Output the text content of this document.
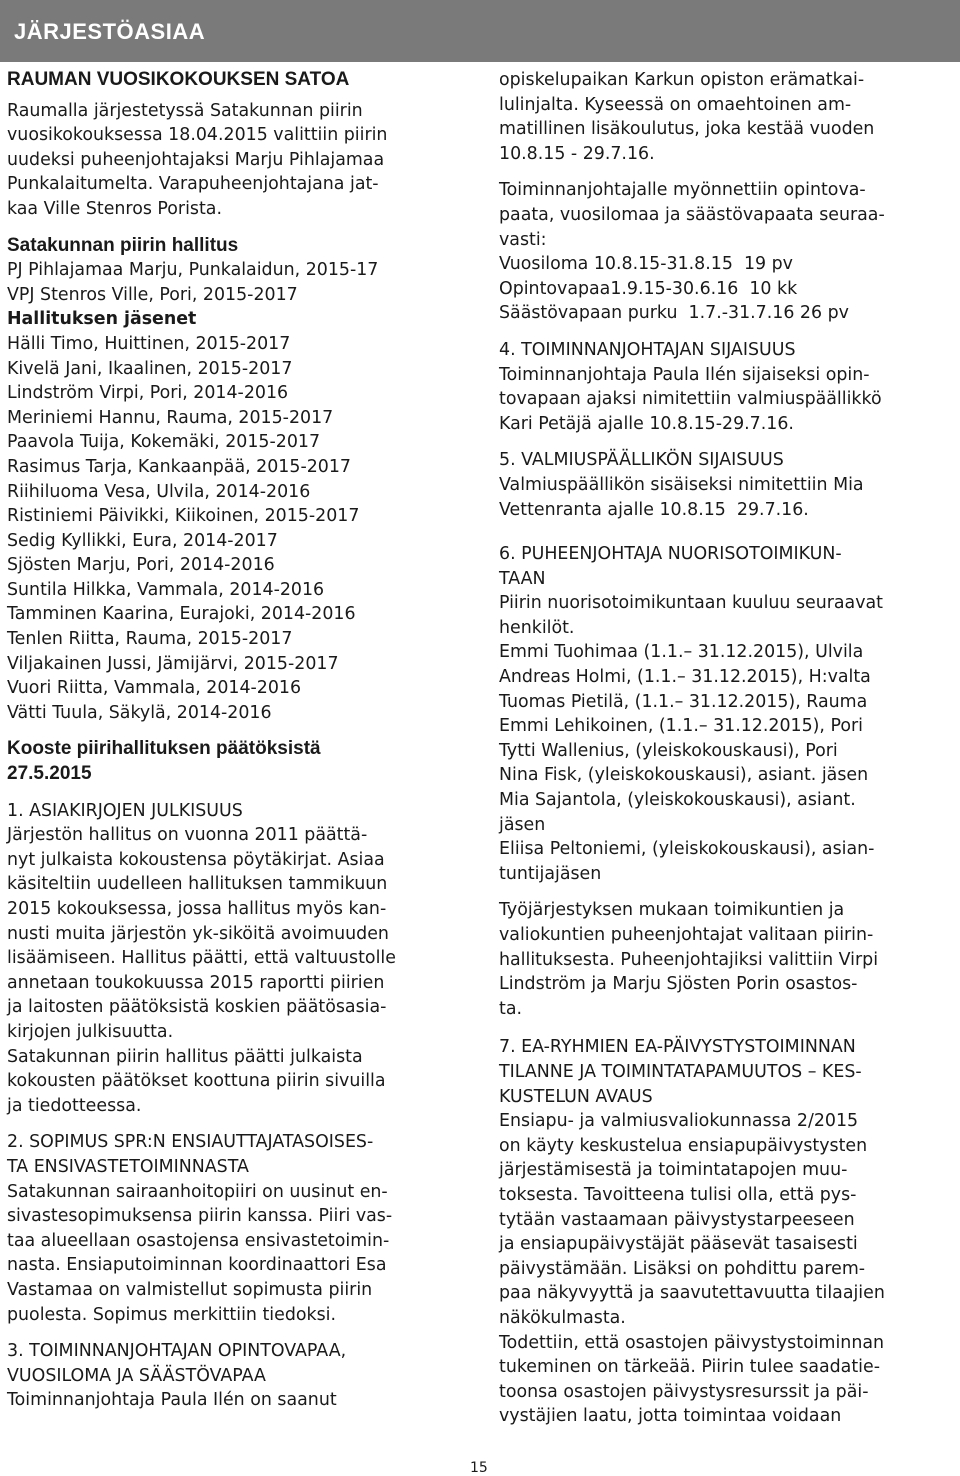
JÄRJESTÖASIAA
RAUMAN VUOSIKOKOUKSEN SATOA
Raumalla järjestetyssä Satakunnan piirin
vuosikokouksessa 18.04.2015 valittiin piirin
uudeksi puheenjohtajaksi Marju Pihlajamaa
Punkalaitumelta. Varapuheenjohtajana jat-
kaa Ville Stenros Porista.
Satakunnan piirin hallitus
PJ Pihlajamaa Marju, Punkalaidun, 2015-17
VPJ Stenros Ville, Pori, 2015-2017
Hallituksen jäsenet
Hälli Timo, Huittinen, 2015-2017
Kivelä Jani, Ikaalinen, 2015-2017
Lindström Virpi, Pori, 2014-2016
Meriniemi Hannu, Rauma, 2015-2017
Paavola Tuija, Kokemäki, 2015-2017
Rasimus Tarja, Kankaanpää, 2015-2017
Riihiluoma Vesa, Ulvila, 2014-2016
Ristiniemi Päivikki, Kiikoinen, 2015-2017
Sedig Kyllikki, Eura, 2014-2017
Sjösten Marju, Pori, 2014-2016
Suntila Hilkka, Vammala, 2014-2016
Tamminen Kaarina, Eurajoki, 2014-2016
Tenlen Riitta, Rauma, 2015-2017
Viljakainen Jussi, Jämijärvi, 2015-2017
Vuori Riitta, Vammala, 2014-2016
Vätti Tuula, Säkylä, 2014-2016
Kooste piirihallituksen päätöksistä
27.5.2015
1. ASIAKIRJOJEN JULKISUUS
Järjestön hallitus on vuonna 2011 päättä-
nyt julkaista kokoustensa pöytäkirjat. Asiaa
käsiteltiin uudelleen hallituksen tammikuun
2015 kokouksessa, jossa hallitus myös kan-
nusti muita järjestön yk-siköitä avoimuuden
lisäämiseen. Hallitus päätti, että valtuustolle
annetaan toukokuussa 2015 raportti piirien
ja laitosten päätöksistä koskien päätösasia-
kirjojen julkisuutta.
Satakunnan piirin hallitus päätti julkaista
kokousten päätökset koottuna piirin sivuilla
ja tiedotteessa.
2. SOPIMUS SPR:N ENSIAUTTAJATASOISES-
TA ENSIVASTETOIMINNASTA
Satakunnan sairaanhoitopiiri on uusinut en-
sivastesopimuksensa piirin kanssa. Piiri vas-
taa alueellaan osastojensa ensivastetoimin-
nasta. Ensiaputoiminnan koordinaattori Esa
Vastamaa on valmistellut sopimusta piirin
puolesta. Sopimus merkittiin tiedoksi.
3. TOIMINNANJOHTAJAN OPINTOVAPAA,
VUOSILOMA JA SÄÄSTÖVAPAA
Toiminnanjohtaja Paula Ilén on saanut
opiskelupaikan Karkun opiston erämatkai-
lulinjalta. Kyseessä on omaehtoinen am-
matillinen lisäkoulutus, joka kestää vuoden
10.8.15 - 29.7.16.
Toiminnanjohtajalle myönnettiin opintova-
paata, vuosilomaa ja säästövapaata seuraa-
vasti:
Vuosiloma 10.8.15-31.8.15  19 pv
Opintovapaa1.9.15-30.6.16  10 kk
Säästövapaan purku  1.7.-31.7.16 26 pv
4. TOIMINNANJOHTAJAN SIJAISUUS
Toiminnanjohtaja Paula Ilén sijaiseksi opin-
tovapaan ajaksi nimitettiin valmiuspäällikkö
Kari Petäjä ajalle 10.8.15-29.7.16.
5. VALMIUSPÄÄLLIKÖN SIJAISUUS
Valmiuspäällikön sisäiseksi nimitettiin Mia
Vettenranta ajalle 10.8.15  29.7.16.
6. PUHEENJOHTAJA NUORISOTOIMIKUN-
TAAN
Piirin nuorisotoimikuntaan kuuluu seuraavat
henkilöt.
Emmi Tuohimaa (1.1.– 31.12.2015), Ulvila
Andreas Holmi, (1.1.– 31.12.2015), H:valta
Tuomas Pietilä, (1.1.– 31.12.2015), Rauma
Emmi Lehikoinen, (1.1.– 31.12.2015), Pori
Tytti Wallenius, (yleiskokouskausi), Pori
Nina Fisk, (yleiskokouskausi), asiant. jäsen
Mia Sajantola, (yleiskokouskausi), asiant.
jäsen
Eliisa Peltoniemi, (yleiskokouskausi), asian-
tuntijajäsen
Työjärjestyksen mukaan toimikuntien ja
valiokuntien puheenjohtajat valitaan piirin-
hallituksesta. Puheenjohtajiksi valittiin Virpi
Lindström ja Marju Sjösten Porin osastos-
ta.
7. EA-RYHMIEN EA-PÄIVYSTYSTOIMINNAN
TILANNE JA TOIMINTATAPAMUUTOS – KES-
KUSTELUN AVAUS
Ensiapu- ja valmiusvaliokunnassa 2/2015
on käyty keskustelua ensiapupäivystysten
järjestämisestä ja toimintatapojen muu-
toksesta. Tavoitteena tulisi olla, että pys-
tytään vastaamaan päivystystarpeeseen
ja ensiapupäivystäjät pääsevät tasaisesti
päivystämään. Lisäksi on pohdittu parem-
paa näkyvyyttä ja saavutettavuutta tilaajien
näkökulmasta.
Todettiin, että osastojen päivystystoiminnan
tukeminen on tärkeää. Piirin tulee saadatie-
toonsa osastojen päivystysresurssit ja päi-
vystäjien laatu, jotta toimintaa voidaan
15
